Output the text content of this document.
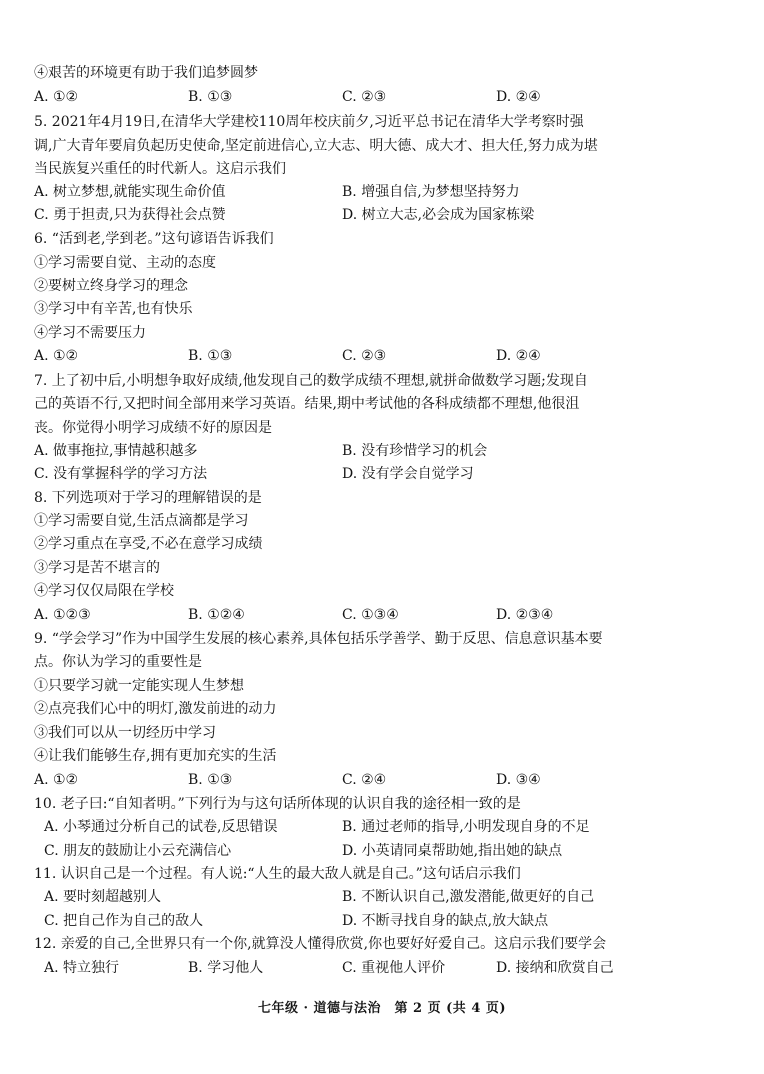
④艰苦的环境更有助于我们追梦圆梦
A. ①②	B. ①③	C. ②③	D. ②④
5. 2021年4月19日,在清华大学建校110周年校庆前夕,习近平总书记在清华大学考察时强
调,广大青年要肩负起历史使命,坚定前进信心,立大志、明大德、成大才、担大任,努力成为堪
当民族复兴重任的时代新人。这启示我们
A. 树立梦想,就能实现生命价值	B. 增强自信,为梦想坚持努力
C. 勇于担责,只为获得社会点赞	D. 树立大志,必会成为国家栋梁
6. “活到老,学到老。”这句谚语告诉我们
①学习需要自觉、主动的态度
②要树立终身学习的理念
③学习中有辛苦,也有快乐
④学习不需要压力
A. ①②	B. ①③	C. ②③	D. ②④
7. 上了初中后,小明想争取好成绩,他发现自己的数学成绩不理想,就拼命做数学习题;发现自
己的英语不行,又把时间全部用来学习英语。结果,期中考试他的各科成绩都不理想,他很沮
丧。你觉得小明学习成绩不好的原因是
A. 做事拖拉,事情越积越多	B. 没有珍惜学习的机会
C. 没有掌握科学的学习方法	D. 没有学会自觉学习
8. 下列选项对于学习的理解错误的是
①学习需要自觉,生活点滴都是学习
②学习重点在享受,不必在意学习成绩
③学习是苦不堪言的
④学习仅仅局限在学校
A. ①②③	B. ①②④	C. ①③④	D. ②③④
9. “学会学习”作为中国学生发展的核心素养,具体包括乐学善学、勤于反思、信息意识基本要
点。你认为学习的重要性是
①只要学习就一定能实现人生梦想
②点亮我们心中的明灯,激发前进的动力
③我们可以从一切经历中学习
④让我们能够生存,拥有更加充实的生活
A. ①②	B. ①③	C. ②④	D. ③④
10. 老子曰:“自知者明。”下列行为与这句话所体现的认识自我的途径相一致的是
A. 小琴通过分析自己的试卷,反思错误	B. 通过老师的指导,小明发现自身的不足
C. 朋友的鼓励让小云充满信心	D. 小英请同桌帮助她,指出她的缺点
11. 认识自己是一个过程。有人说:“人生的最大敌人就是自己。”这句话启示我们
A. 要时刻超越别人	B. 不断认识自己,激发潜能,做更好的自己
C. 把自己作为自己的敌人	D. 不断寻找自身的缺点,放大缺点
12. 亲爱的自己,全世界只有一个你,就算没人懂得欣赏,你也要好好爱自己。这启示我们要学会
A. 特立独行	B. 学习他人	C. 重视他人评价	D. 接纳和欣赏自己
七年级 · 道德与法治　第 2 页 (共 4 页)
